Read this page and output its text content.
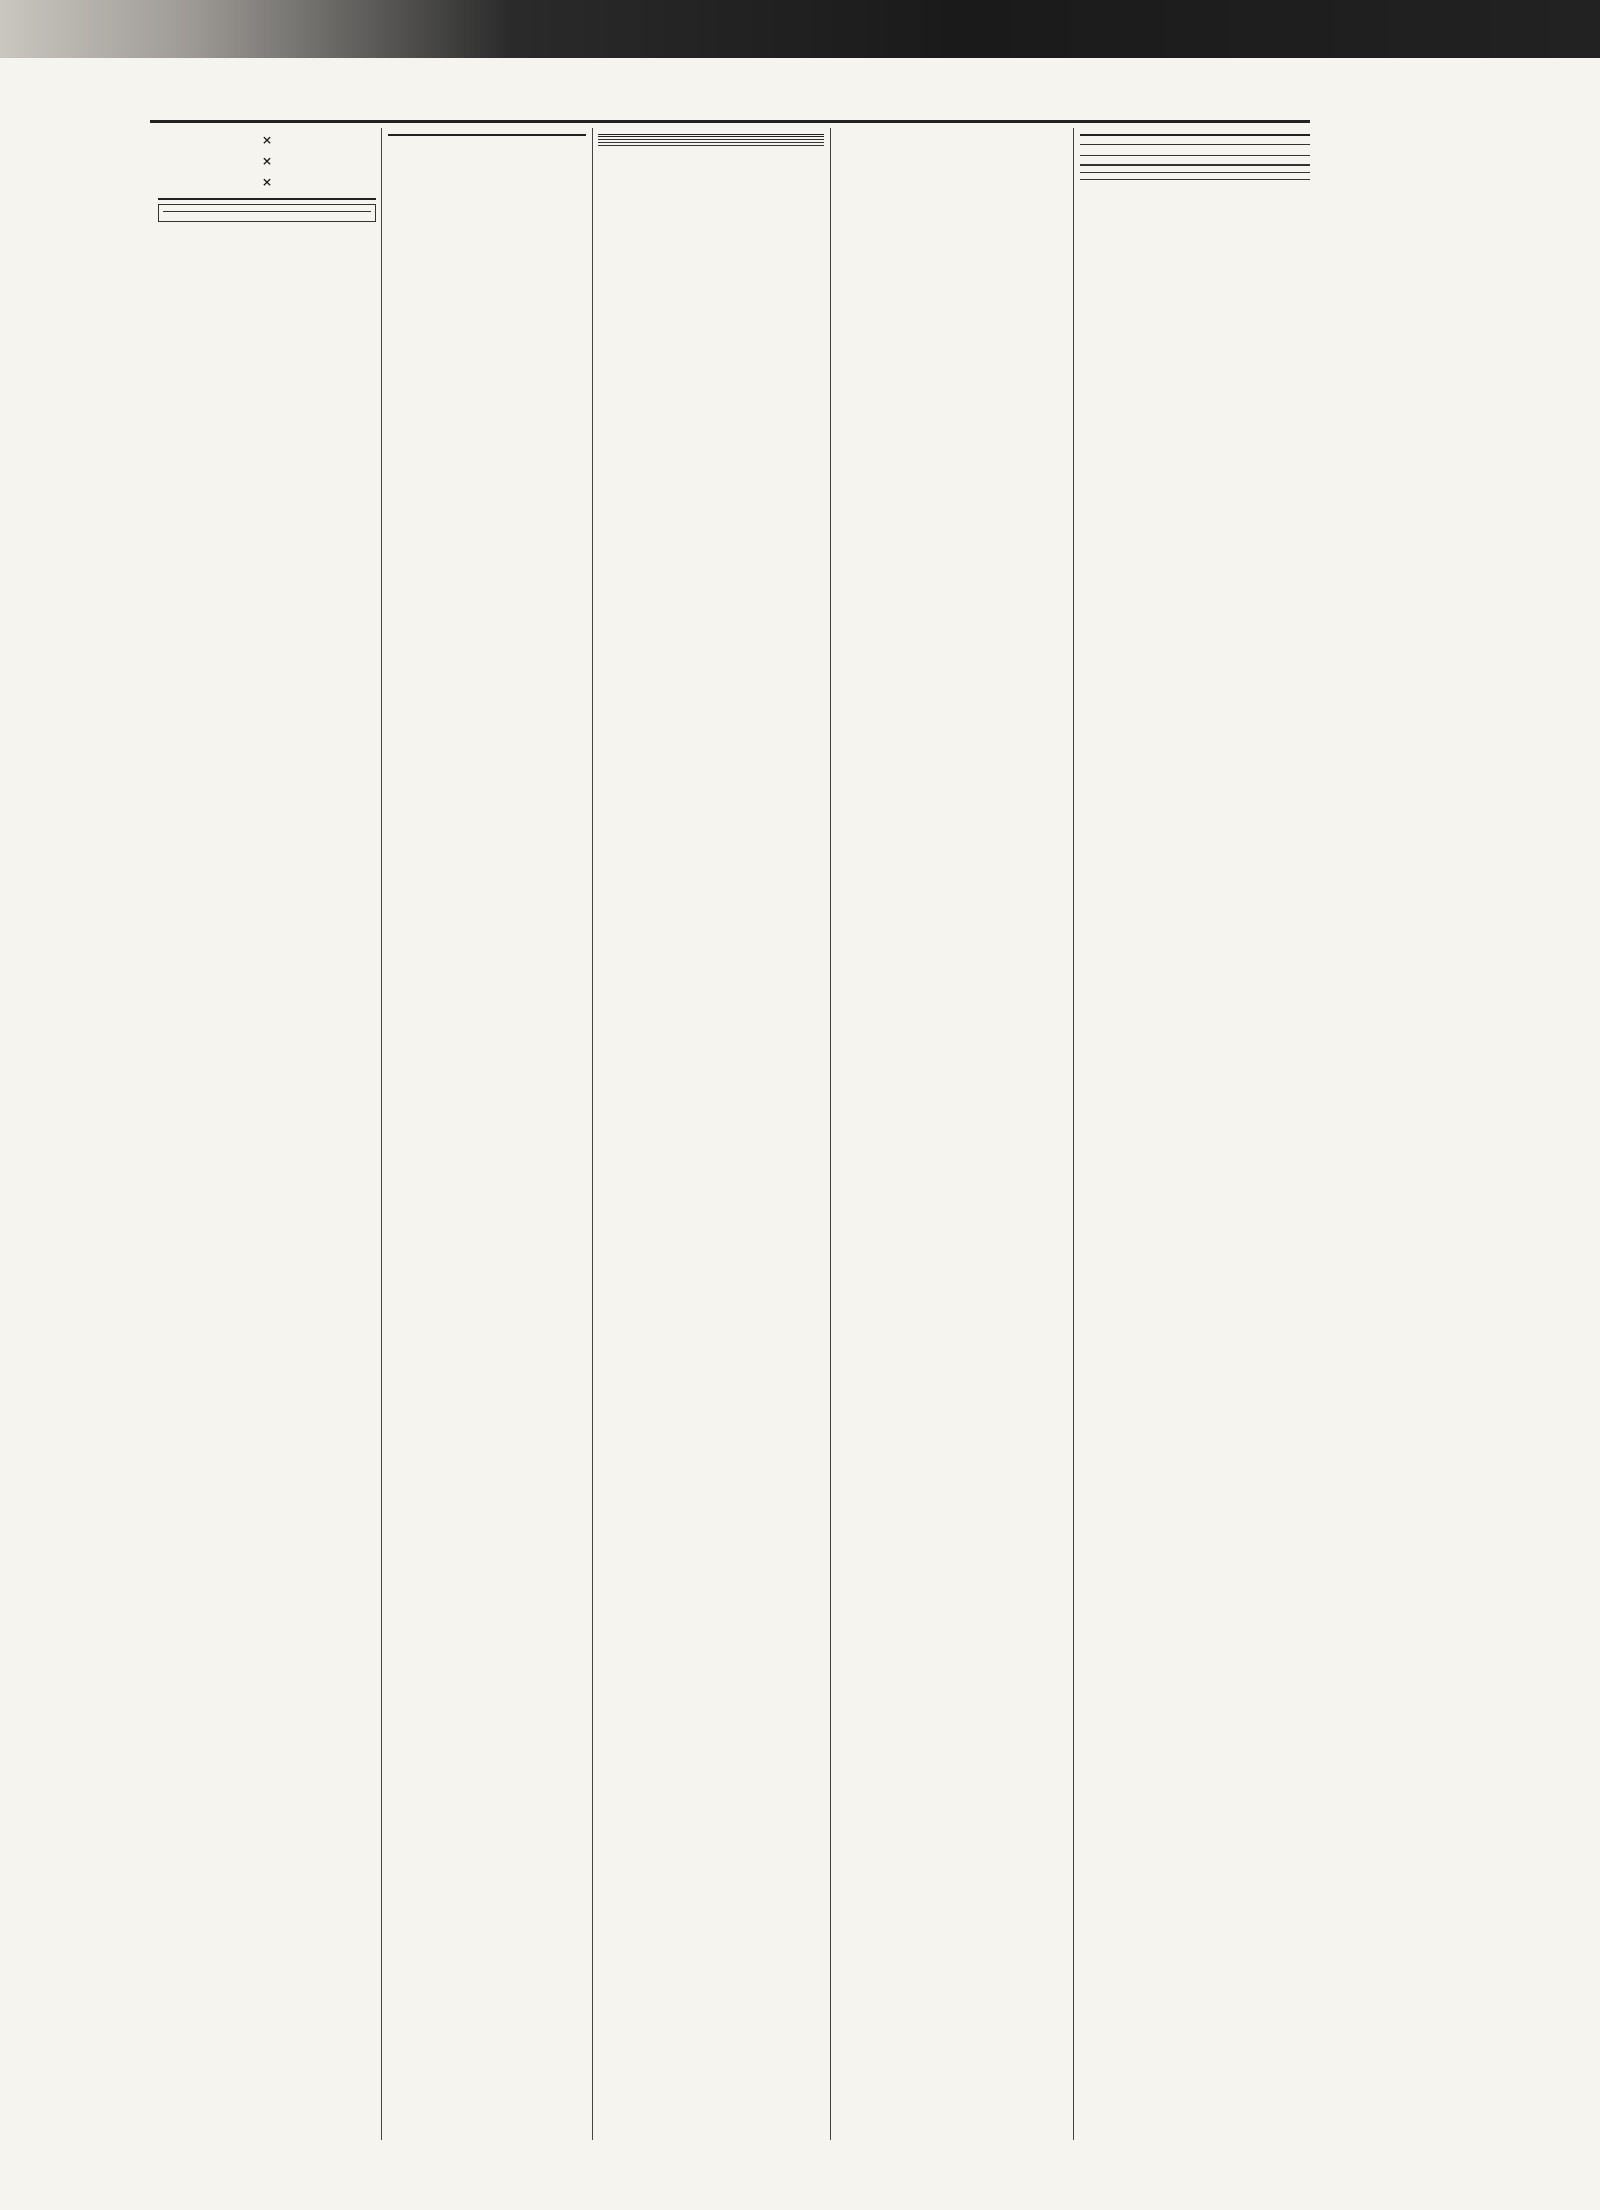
×

×

×
